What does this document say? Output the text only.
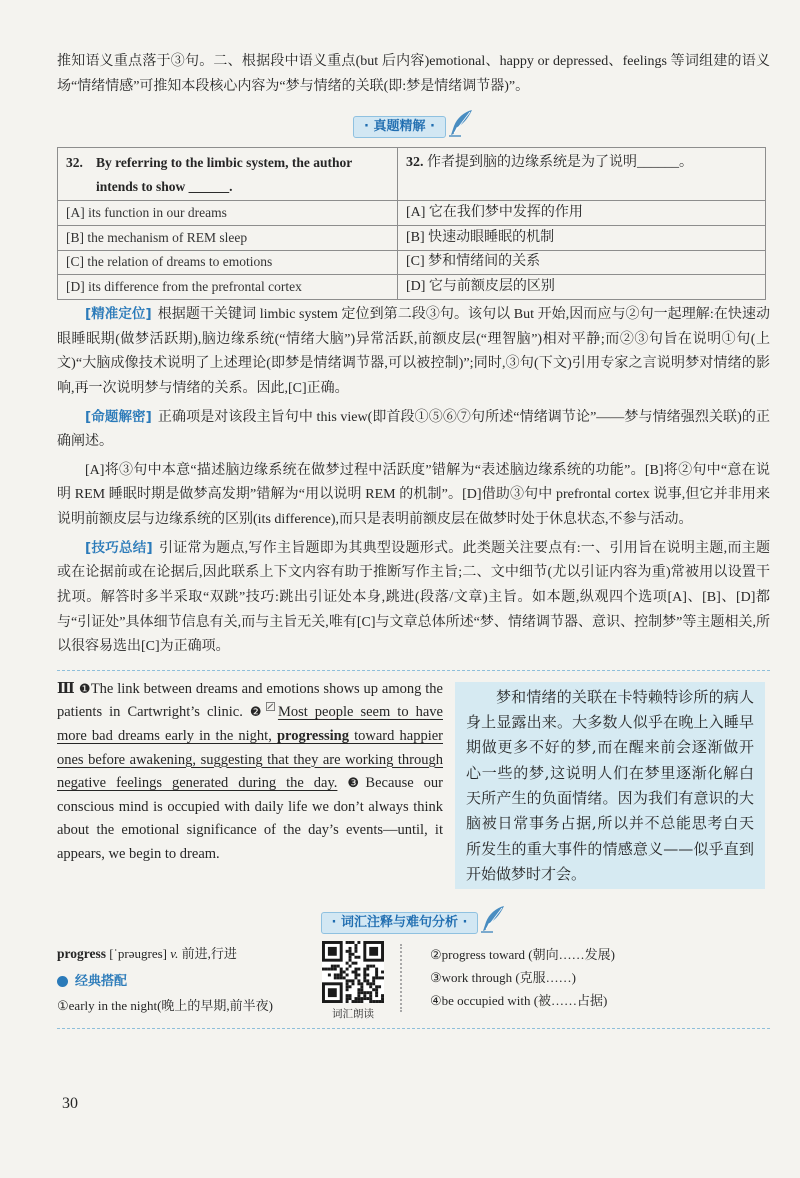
推知语义重点落于③句。二、根据段中语义重点(but 后内容)emotional、happy or depressed、feelings 等词组建的语义场“情绪情感”可推知本段核心内容为“梦与情绪的关联(即:梦是情绪调节器)”。

· 真题精解 ·
32. By referring to the limbic system, the author intends to show ______.	32. 作者提到脑的边缘系统是为了说明______。

[A] its function in our dreams	[A] 它在我们梦中发挥的作用
[B] the mechanism of REM sleep	[B] 快速动眼睡眠的机制
[C] the relation of dreams to emotions	[C] 梦和情绪间的关系
[D] its difference from the prefrontal cortex	[D] 它与前额皮层的区别

[精准定位] 根据题干关键词 limbic system 定位到第二段③句。该句以 But 开始,因而应与②句一起理解:在快速动眼睡眠期(做梦活跃期),脑边缘系统(“情绪大脑”)异常活跃,前额皮层(“理智脑”)相对平静;而②③句旨在说明①句(上文)“大脑成像技术说明了上述理论(即梦是情绪调节器,可以被控制)”;同时,③句(下文)引用专家之言说明梦对情绪的影响,再一次说明梦与情绪的关系。因此,[C]正确。

[命题解密] 正确项是对该段主旨句中 this view(即首段①⑤⑥⑦句所述“情绪调节论”——梦与情绪强烈关联)的正确阐述。

[A]将③句中本意“描述脑边缘系统在做梦过程中活跃度”错解为“表述脑边缘系统的功能”。[B]将②句中“意在说明 REM 睡眠时期是做梦高发期”错解为“用以说明 REM 的机制”。[D]借助③句中 prefrontal cortex 说事,但它并非用来说明前额皮层与边缘系统的区别(its difference),而只是表明前额皮层在做梦时处于休息状态,不参与活动。

[技巧总结] 引证常为题点,写作主旨题即为其典型设题形式。此类题关注要点有:一、引用旨在说明主题,而主题或在论据前或在论据后,因此联系上下文内容有助于推断写作主旨;二、文中细节(尤以引证内容为重)常被用以设置干扰项。解答时多半采取“双跳”技巧:跳出引证处本身,跳进(段落/文章)主旨。如本题,纵观四个选项[A]、[B]、[D]都与“引证处”具体细节信息有关,而与主旨无关,唯有[C]与文章总体所述“梦、情绪调节器、意识、控制梦”等主题相关,所以很容易选出[C]为正确项。

Ⅲ ❶The link between dreams and emotions shows up among the patients in Cartwright’s clinic. ❷ Most people seem to have more bad dreams early in the night, progressing toward happier ones before awakening, suggesting that they are working through negative feelings generated during the day. ❸Because our conscious mind is occupied with daily life we don’t always think about the emotional significance of the day’s events—until, it appears, we begin to dream.

梦和情绪的关联在卡特赖特诊所的病人身上显露出来。大多数人似乎在晚上入睡早期做更多不好的梦,而在醒来前会逐渐做开心一些的梦,这说明人们在梦里逐渐化解白天所产生的负面情绪。因为我们有意识的大脑被日常事务占据,所以并不总能思考白天所发生的重大事件的情感意义——似乎直到开始做梦时才会。

· 词汇注释与难句分析 ·
progress [ˈprəugres] v. 前进,行进
经典搭配
①early in the night(晚上的早期,前半夜)
词汇朗读
②progress toward (朝向……发展)
③work through (克服……)
④be occupied with (被……占据)
30
